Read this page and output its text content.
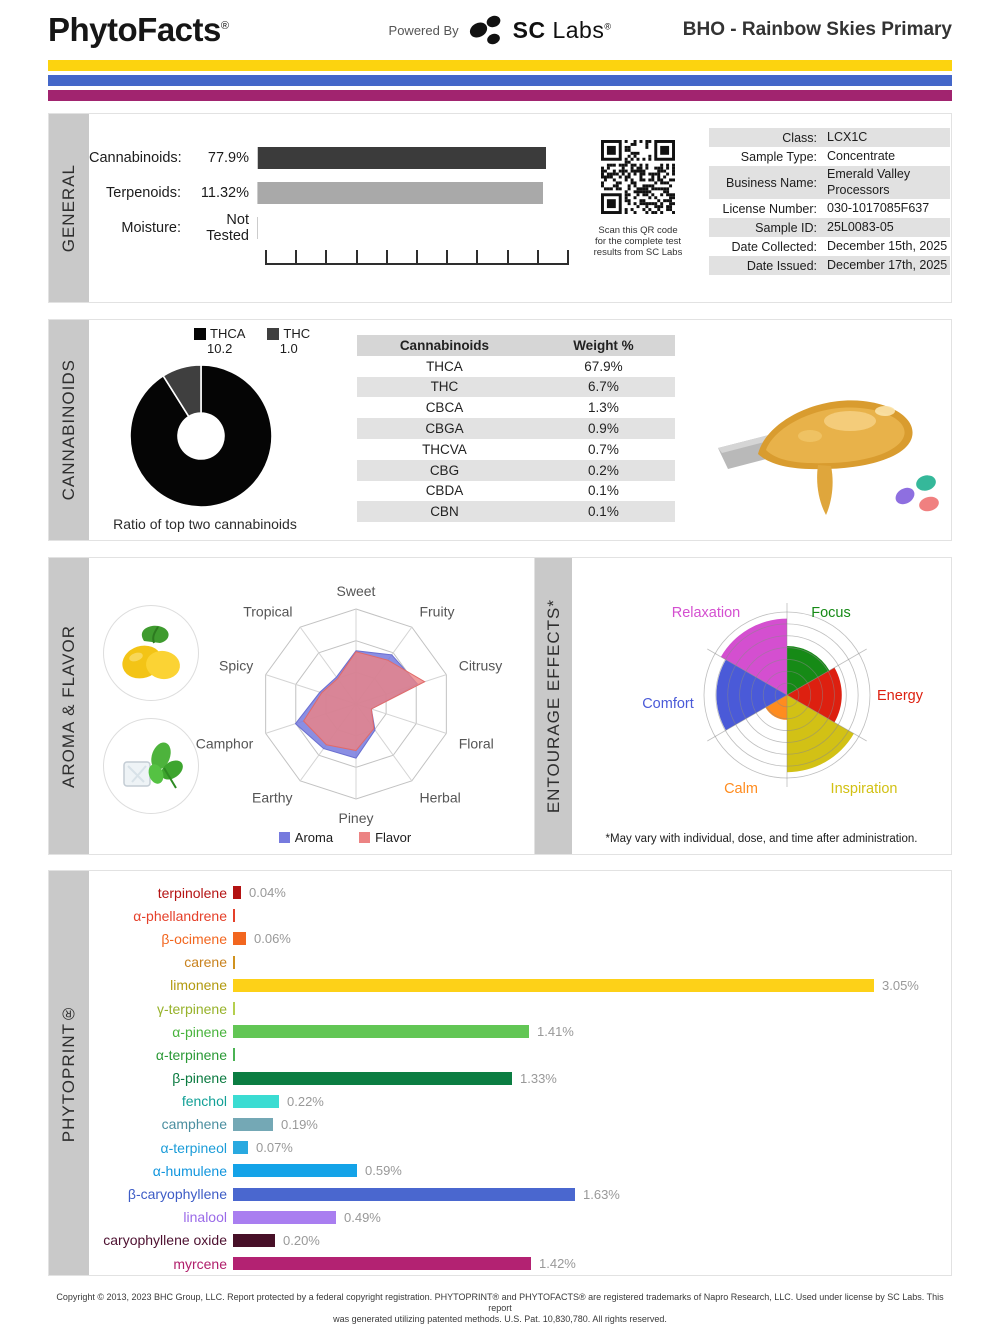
PhytoFacts®	Powered By SC Labs®	BHO - Rainbow Skies Primary
GENERAL
Cannabinoids:	77.9%
Terpenoids:	11.32%
Moisture:	Not Tested	Scan this QR code
for the complete test
results from SC Labs
Class: LCX1C
Sample Type: Concentrate
Business Name:
Emerald Valley Processors
License Number: 030-1017085F637
Sample ID: 25L0083-05
Date Collected: December 15th, 2025
Date Issued: December 17th, 2025
CANNABINOIDS
THCA
10.2
THC
1.0
Ratio of top two cannabinoids
Cannabinoids	Weight %
THCA	67.9%
THC	6.7%
CBCA	1.3%
CBGA	0.9%
THCVA	0.7%
CBG	0.2%
CBDA	0.1%
CBN	0.1%
AROMA & FLAVOR
Sweet
Fruity
Citrusy
Floral
Herbal
Piney
Earthy
Camphor
Spicy
Tropical
Aroma	Flavor
ENTOURAGE EFFECTS*	Focus
Energy
Inspiration
Calm
Comfort
Relaxation
*May vary with individual, dose, and time after administration.
PHYTOPRINT®
terpinolene 0.04%
α-phellandrene
β-ocimene 0.06%
carene
limonene	3.05%
γ-terpinene
α-pinene	1.41%
α-terpinene
β-pinene	1.33%
fenchol	0.22%
camphene	0.19%
α-terpineol 0.07%
α-humulene	0.59%
β-caryophyllene	1.63%
linalool	0.49%
caryophyllene oxide	0.20%
myrcene	1.42%
Copyright © 2013, 2023 BHC Group, LLC. Report protected by a federal copyright registration. PHYTOPRINT® and PHYTOFACTS® are registered trademarks of Napro Research, LLC. Used under license by SC Labs. This report
was generated utilizing patented methods. U.S. Pat. 10,830,780. All rights reserved.
